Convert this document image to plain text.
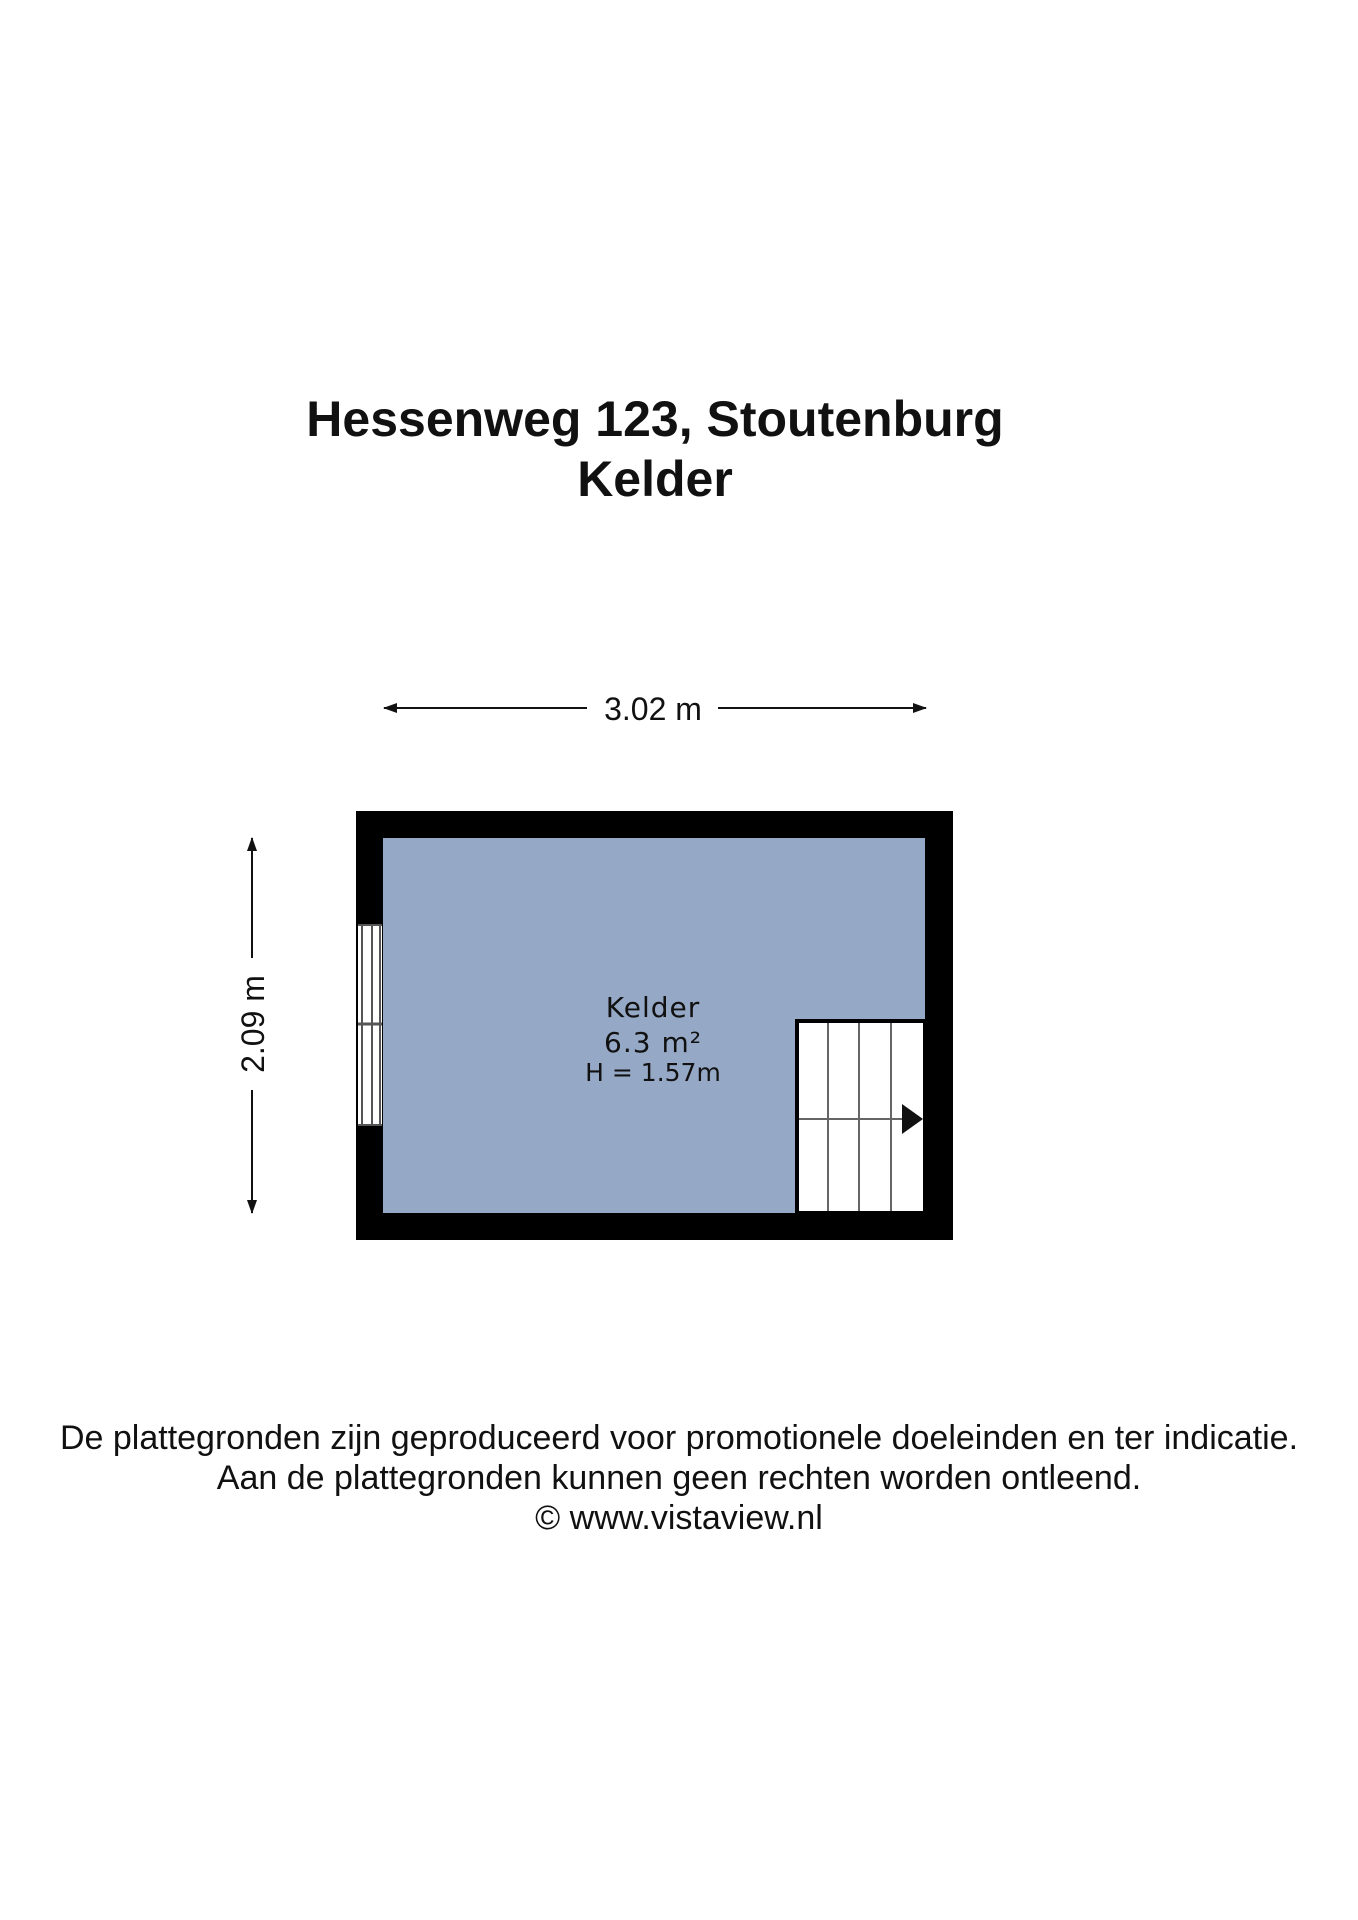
Hessenweg 123, Stoutenburg
Kelder
3.02 m
2.09 m	Kelder
6.3 m²
H = 1.57m

De plattegronden zijn geproduceerd voor promotionele doeleinden en ter indicatie.

Aan de plattegronden kunnen geen rechten worden ontleend.

© www.vistaview.nl
